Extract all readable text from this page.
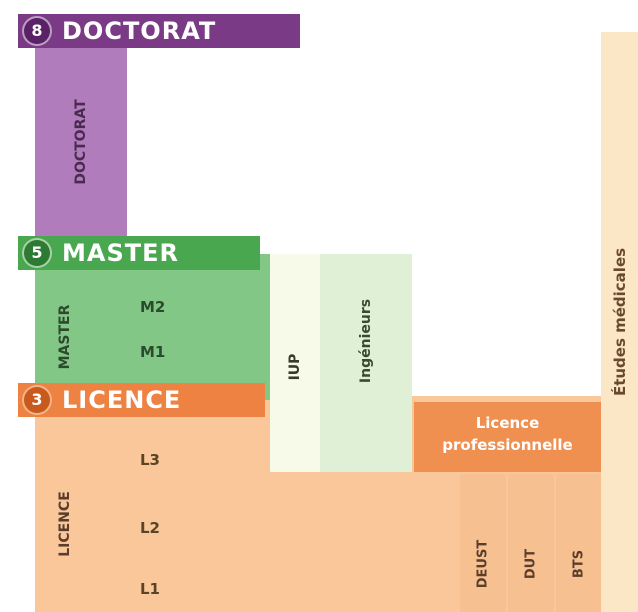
Études médicales
DOCTORAT
LICENCE
L3
L2
L1
MASTER	M2
M1
IUP	Ingénieurs
Licence professionnelle
DEUST	DUT	BTS
8 DOCTORAT
5 MASTER
3 LICENCE
